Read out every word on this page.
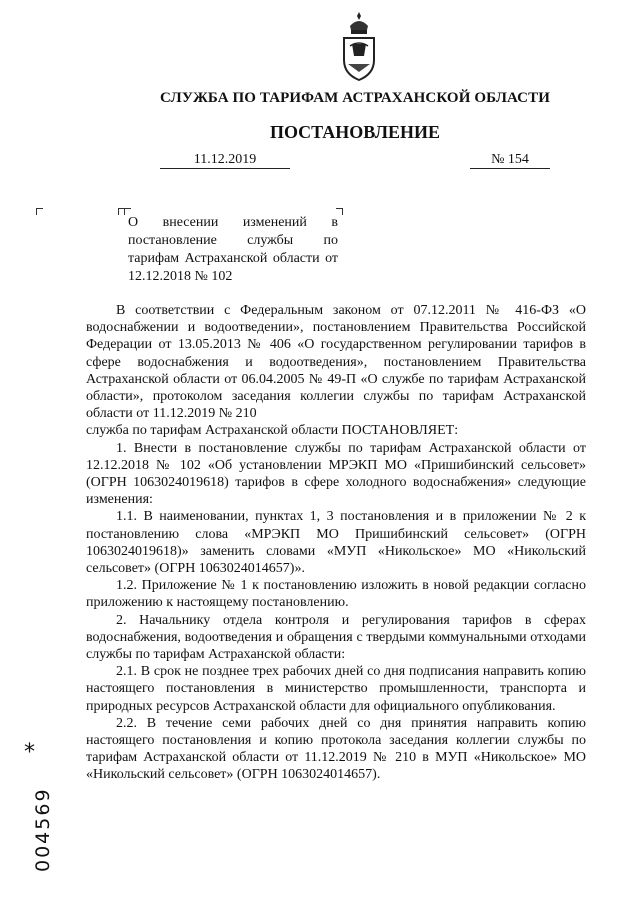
СЛУЖБА ПО ТАРИФАМ АСТРАХАНСКОЙ ОБЛАСТИ
ПОСТАНОВЛЕНИЕ
11.12.2019	№ 154
О внесении изменений в постановление службы по тарифам Астраханской области от 12.12.2018 № 102

В соответствии с Федеральным законом от 07.12.2011 № 416-ФЗ «О водоснабжении и водоотведении», постановлением Правительства Российской Федерации от 13.05.2013 № 406 «О государственном регулировании тарифов в сфере водоснабжения и водоотведения», постановлением Правительства Астраханской области от 06.04.2005 № 49-П «О службе по тарифам Астраханской области», протоколом заседания коллегии службы по тарифам Астраханской области от 11.12.2019 № 210

служба по тарифам Астраханской области ПОСТАНОВЛЯЕТ:

1. Внести в постановление службы по тарифам Астраханской области от 12.12.2018 № 102 «Об установлении МРЭКП МО «Пришибинский сельсовет» (ОГРН 1063024019618) тарифов в сфере холодного водоснабжения» следующие изменения:

1.1. В наименовании, пунктах 1, 3 постановления и в приложении № 2 к постановлению слова «МРЭКП МО Пришибинский сельсовет» (ОГРН 1063024019618)» заменить словами «МУП «Никольское» МО «Никольский сельсовет» (ОГРН 1063024014657)».

1.2. Приложение № 1 к постановлению изложить в новой редакции согласно приложению к настоящему постановлению.

2. Начальнику отдела контроля и регулирования тарифов в сферах водоснабжения, водоотведения и обращения с твердыми коммунальными отходами службы по тарифам Астраханской области:

2.1. В срок не позднее трех рабочих дней со дня подписания направить копию настоящего постановления в министерство промышленности, транспорта и природных ресурсов Астраханской области для официального опубликования.

2.2. В течение семи рабочих дней со дня принятия направить копию настоящего постановления и копию протокола заседания коллегии службы по тарифам Астраханской области от 11.12.2019 № 210 в МУП «Никольское» МО «Никольский сельсовет» (ОГРН 1063024014657).

*
004569
